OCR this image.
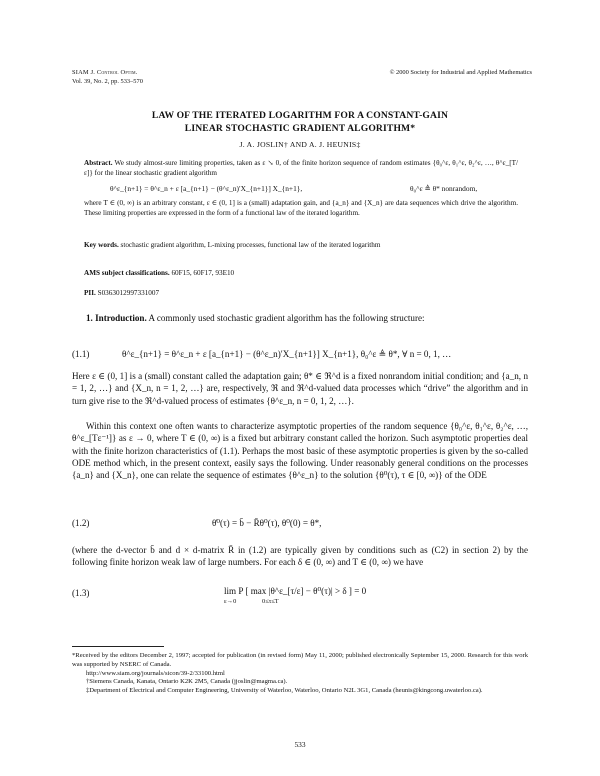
SIAM J. Control Optim.
Vol. 39, No. 2, pp. 533–570
© 2000 Society for Industrial and Applied Mathematics
LAW OF THE ITERATED LOGARITHM FOR A CONSTANT-GAIN
LINEAR STOCHASTIC GRADIENT ALGORITHM*
J. A. JOSLIN† AND A. J. HEUNIS‡
Abstract. We study almost-sure limiting properties, taken as ε ↘ 0, of the finite horizon sequence of random estimates {θ₀^ε, θ₁^ε, θ₂^ε, …, θ^ε_[T/ε]} for the linear stochastic gradient algorithm
θ^ε_{n+1} = θ^ε_n + ε [a_{n+1} − (θ^ε_n)′X_{n+1}] X_{n+1},	θ₀^ε ≜ θ* nonrandom,
where T ∈ (0, ∞) is an arbitrary constant, ε ∈ (0, 1] is a (small) adaptation gain, and {a_n} and {X_n} are data sequences which drive the algorithm. These limiting properties are expressed in the form of a functional law of the iterated logarithm.
Key words. stochastic gradient algorithm, L-mixing processes, functional law of the iterated logarithm
AMS subject classifications. 60F15, 60F17, 93E10
PII. S0363012997331007

1. Introduction. A commonly used stochastic gradient algorithm has the following structure:

(1.1)	θ^ε_{n+1} = θ^ε_n + ε [a_{n+1} − (θ^ε_n)′X_{n+1}] X_{n+1}, θ₀^ε ≜ θ*, ∀ n = 0, 1, …
Here ε ∈ (0, 1] is a (small) constant called the adaptation gain; θ* ∈ ℜ^d is a fixed nonrandom initial condition; and {a_n, n = 1, 2, …} and {X_n, n = 1, 2, …} are, respectively, ℜ and ℜ^d-valued data processes which “drive” the algorithm and in turn give rise to the ℜ^d-valued process of estimates {θ^ε_n, n = 0, 1, 2, …}.
Within this context one often wants to characterize asymptotic properties of the random sequence {θ₀^ε, θ₁^ε, θ₂^ε, …, θ^ε_[Tε⁻¹]} as ε → 0, where T ∈ (0, ∞) is a fixed but arbitrary constant called the horizon. Such asymptotic properties deal with the finite horizon characteristics of (1.1). Perhaps the most basic of these asymptotic properties is given by the so-called ODE method which, in the present context, easily says the following. Under reasonably general conditions on the processes {a_n} and {X_n}, one can relate the sequence of estimates {θ^ε_n} to the solution {θ⁰(τ), τ ∈ [0, ∞)} of the ODE
(1.2)	θ̇⁰(τ) = b̄ − R̄θ⁰(τ), θ⁰(0) = θ*,
(where the d-vector b̄ and d × d-matrix R̄ in (1.2) are typically given by conditions such as (C2) in section 2) by the following finite horizon weak law of large numbers. For each δ ∈ (0, ∞) and T ∈ (0, ∞) we have
(1.3)	lim P [ max |θ^ε_[τ/ε] − θ⁰(τ)| > δ ] = 0
ε→0	0≤τ≤T

*Received by the editors December 2, 1997; accepted for publication (in revised form) May 11, 2000; published electronically September 15, 2000. Research for this work was supported by NSERC of Canada.

http://www.siam.org/journals/sicon/39-2/33100.html

†Siemens Canada, Kanata, Ontario K2K 2M5, Canada (jjoslin@magma.ca).

‡Department of Electrical and Computer Engineering, University of Waterloo, Waterloo, Ontario N2L 3G1, Canada (heunis@kingcong.uwaterloo.ca).

533
